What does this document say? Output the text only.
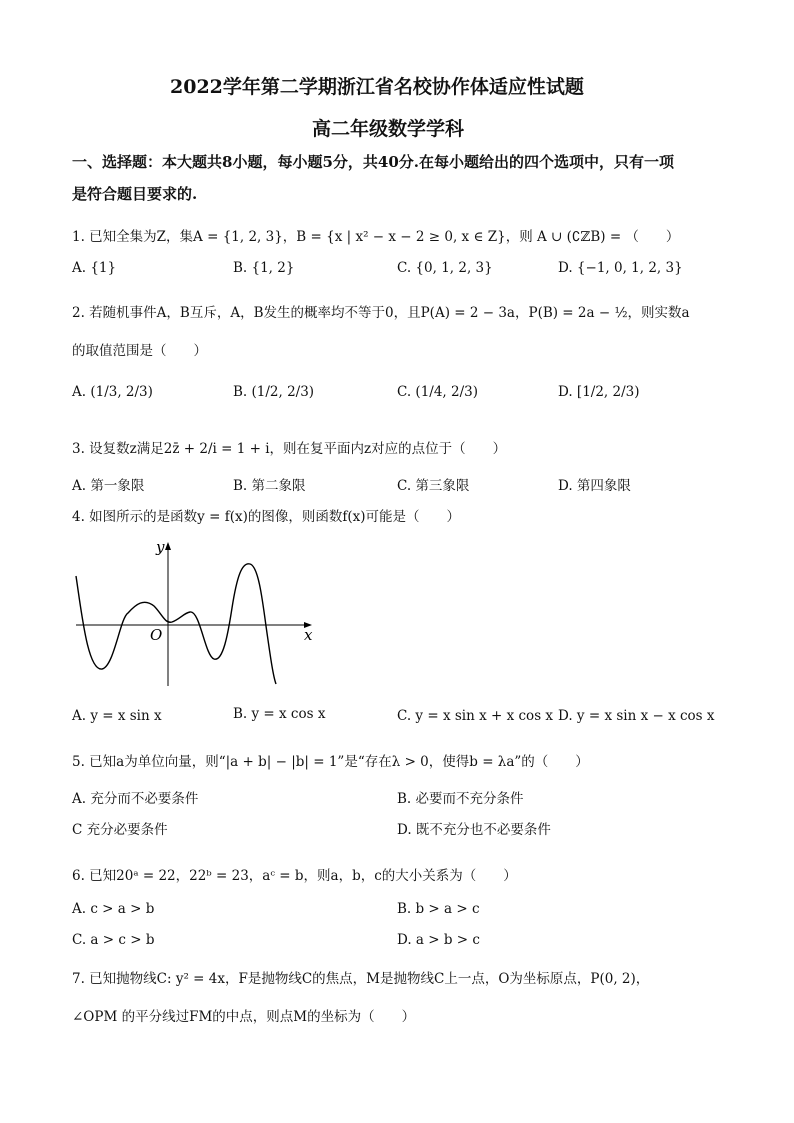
2022学年第二学期浙江省名校协作体适应性试题
高二年级数学学科
一、选择题：本大题共8小题，每小题5分，共40分.在每小题给出的四个选项中，只有一项
是符合题目要求的.
1. 已知全集为Z，集A = {1, 2, 3}，B = {x | x² − x − 2 ≥ 0, x ∈ Z}，则 A ∪ (∁ℤB) = （　　）
A. {1}	B. {1, 2}	C. {0, 1, 2, 3}	D. {−1, 0, 1, 2, 3}
2. 若随机事件A，B互斥，A，B发生的概率均不等于0，且P(A) = 2 − 3a，P(B) = 2a − ½，则实数a
的取值范围是（　　）
A. (1/3, 2/3)	B. (1/2, 2/3)	C. (1/4, 2/3)	D. [1/2, 2/3)
3. 设复数z满足2z̄ + 2/i = 1 + i，则在复平面内z对应的点位于（　　）
A. 第一象限	B. 第二象限	C. 第三象限	D. 第四象限
4. 如图所示的是函数y = f(x)的图像，则函数f(x)可能是（　　）
y
x
O
A. y = x sin x	B. y = x cos x	C. y = x sin x + x cos x D. y = x sin x − x cos x
5. 已知a为单位向量，则“|a + b| − |b| = 1”是“存在λ > 0，使得b = λa”的（　　）
A. 充分而不必要条件	B. 必要而不充分条件
C 充分必要条件	D. 既不充分也不必要条件
6. 已知20ᵃ = 22，22ᵇ = 23，aᶜ = b，则a，b，c的大小关系为（　　）
A. c > a > b	B. b > a > c
C. a > c > b	D. a > b > c
7. 已知抛物线C: y² = 4x，F是抛物线C的焦点，M是抛物线C上一点，O为坐标原点，P(0, 2)，
∠OPM 的平分线过FM的中点，则点M的坐标为（　　）
